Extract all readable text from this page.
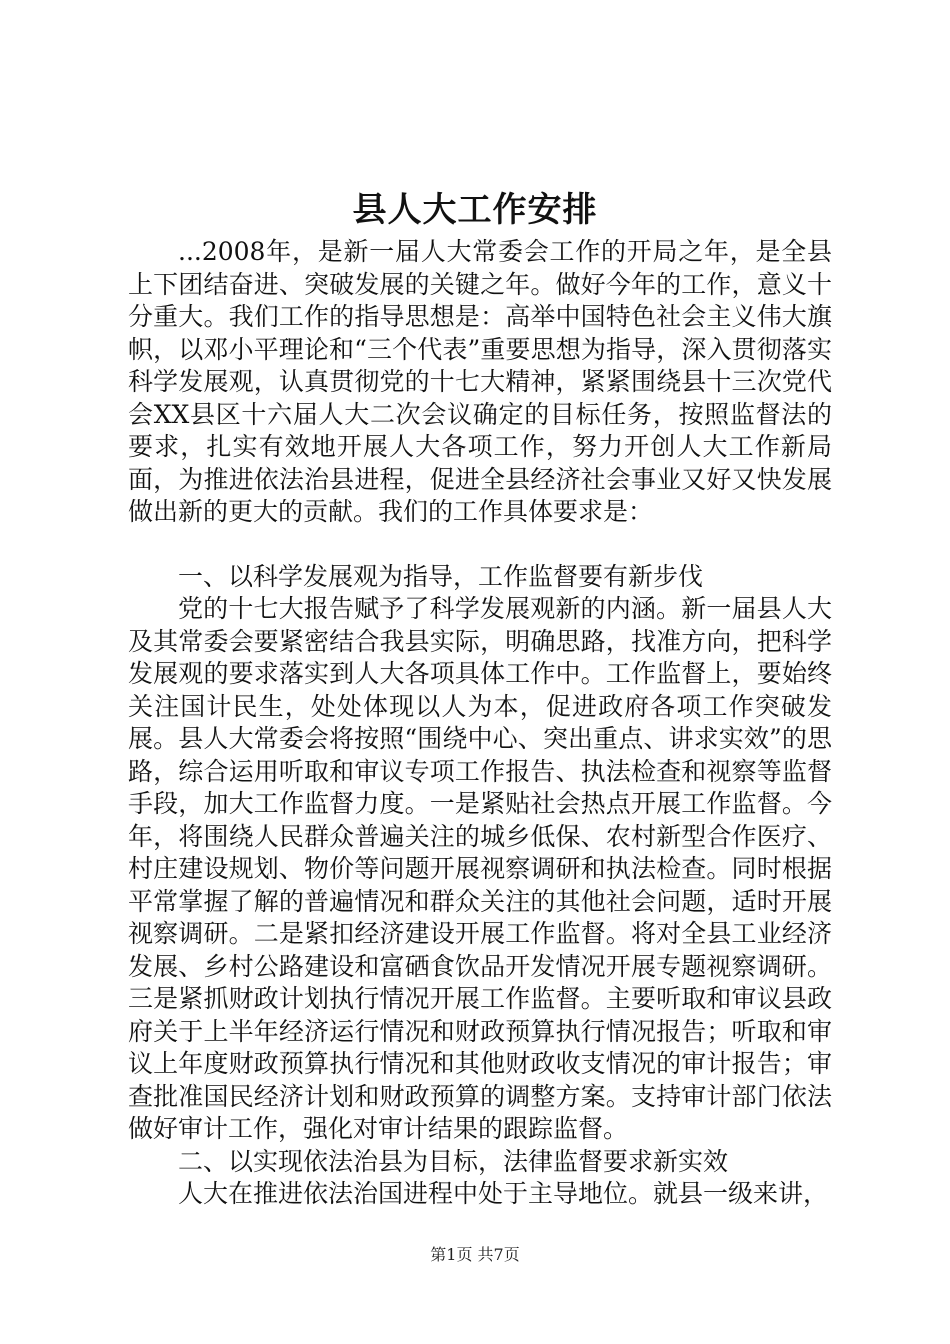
县人大工作安排

...2008年，是新一届人大常委会工作的开局之年，是全县上下团结奋进、突破发展的关键之年。做好今年的工作，意义十分重大。我们工作的指导思想是：高举中国特色社会主义伟大旗帜，以邓小平理论和“三个代表”重要思想为指导，深入贯彻落实科学发展观，认真贯彻党的十七大精神，紧紧围绕县十三次党代会XX县区十六届人大二次会议确定的目标任务，按照监督法的要求，扎实有效地开展人大各项工作，努力开创人大工作新局面，为推进依法治县进程，促进全县经济社会事业又好又快发展做出新的更大的贡献。我们的工作具体要求是：

一、以科学发展观为指导，工作监督要有新步伐

党的十七大报告赋予了科学发展观新的内涵。新一届县人大及其常委会要紧密结合我县实际，明确思路，找准方向，把科学发展观的要求落实到人大各项具体工作中。工作监督上，要始终关注国计民生，处处体现以人为本，促进政府各项工作突破发展。县人大常委会将按照“围绕中心、突出重点、讲求实效”的思路，综合运用听取和审议专项工作报告、执法检查和视察等监督手段，加大工作监督力度。一是紧贴社会热点开展工作监督。今年，将围绕人民群众普遍关注的城乡低保、农村新型合作医疗、村庄建设规划、物价等问题开展视察调研和执法检查。同时根据平常掌握了解的普遍情况和群众关注的其他社会问题，适时开展视察调研。二是紧扣经济建设开展工作监督。将对全县工业经济发展、乡村公路建设和富硒食饮品开发情况开展专题视察调研。三是紧抓财政计划执行情况开展工作监督。主要听取和审议县政府关于上半年经济运行情况和财政预算执行情况报告；听取和审议上年度财政预算执行情况和其他财政收支情况的审计报告；审查批准国民经济计划和财政预算的调整方案。支持审计部门依法做好审计工作，强化对审计结果的跟踪监督。

二、以实现依法治县为目标，法律监督要求新实效

人大在推进依法治国进程中处于主导地位。就县一级来讲，

第1页 共7页
